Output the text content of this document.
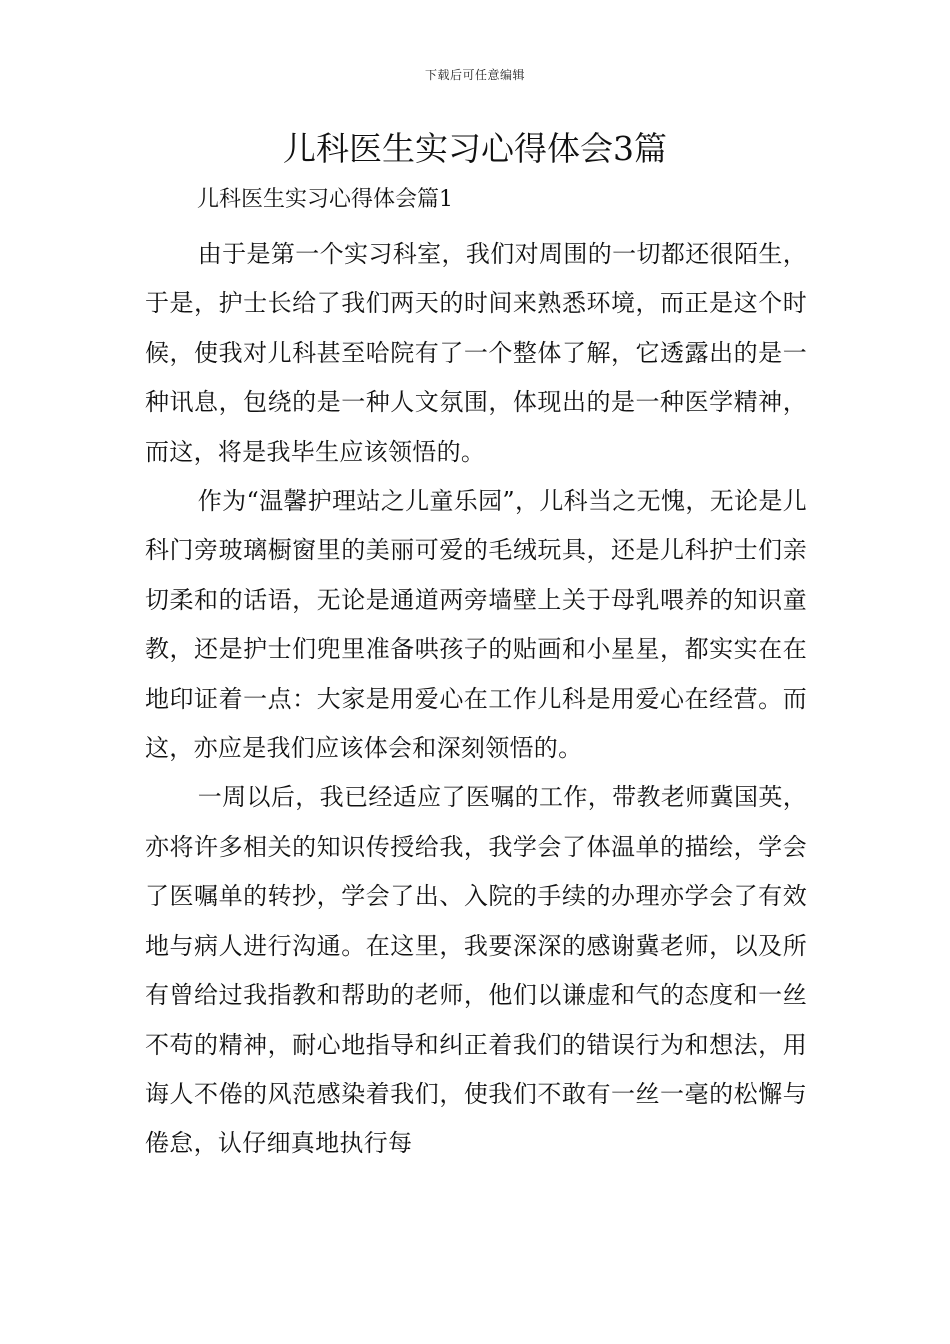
下载后可任意编辑
儿科医生实习心得体会3篇

儿科医生实习心得体会篇1

由于是第一个实习科室，我们对周围的一切都还很陌生，于是，护士长给了我们两天的时间来熟悉环境，而正是这个时候，使我对儿科甚至哈院有了一个整体了解，它透露出的是一种讯息，包绕的是一种人文氛围，体现出的是一种医学精神，而这，将是我毕生应该领悟的。

作为“温馨护理站之儿童乐园”，儿科当之无愧，无论是儿科门旁玻璃橱窗里的美丽可爱的毛绒玩具，还是儿科护士们亲切柔和的话语，无论是通道两旁墙壁上关于母乳喂养的知识童教，还是护士们兜里准备哄孩子的贴画和小星星，都实实在在地印证着一点：大家是用爱心在工作儿科是用爱心在经营。而这，亦应是我们应该体会和深刻领悟的。

一周以后，我已经适应了医嘱的工作，带教老师冀国英，亦将许多相关的知识传授给我，我学会了体温单的描绘，学会了医嘱单的转抄，学会了出、入院的手续的办理亦学会了有效地与病人进行沟通。在这里，我要深深的感谢冀老师，以及所有曾给过我指教和帮助的老师，他们以谦虚和气的态度和一丝不苟的精神，耐心地指导和纠正着我们的错误行为和想法，用诲人不倦的风范感染着我们，使我们不敢有一丝一毫的松懈与倦怠，认仔细真地执行每
